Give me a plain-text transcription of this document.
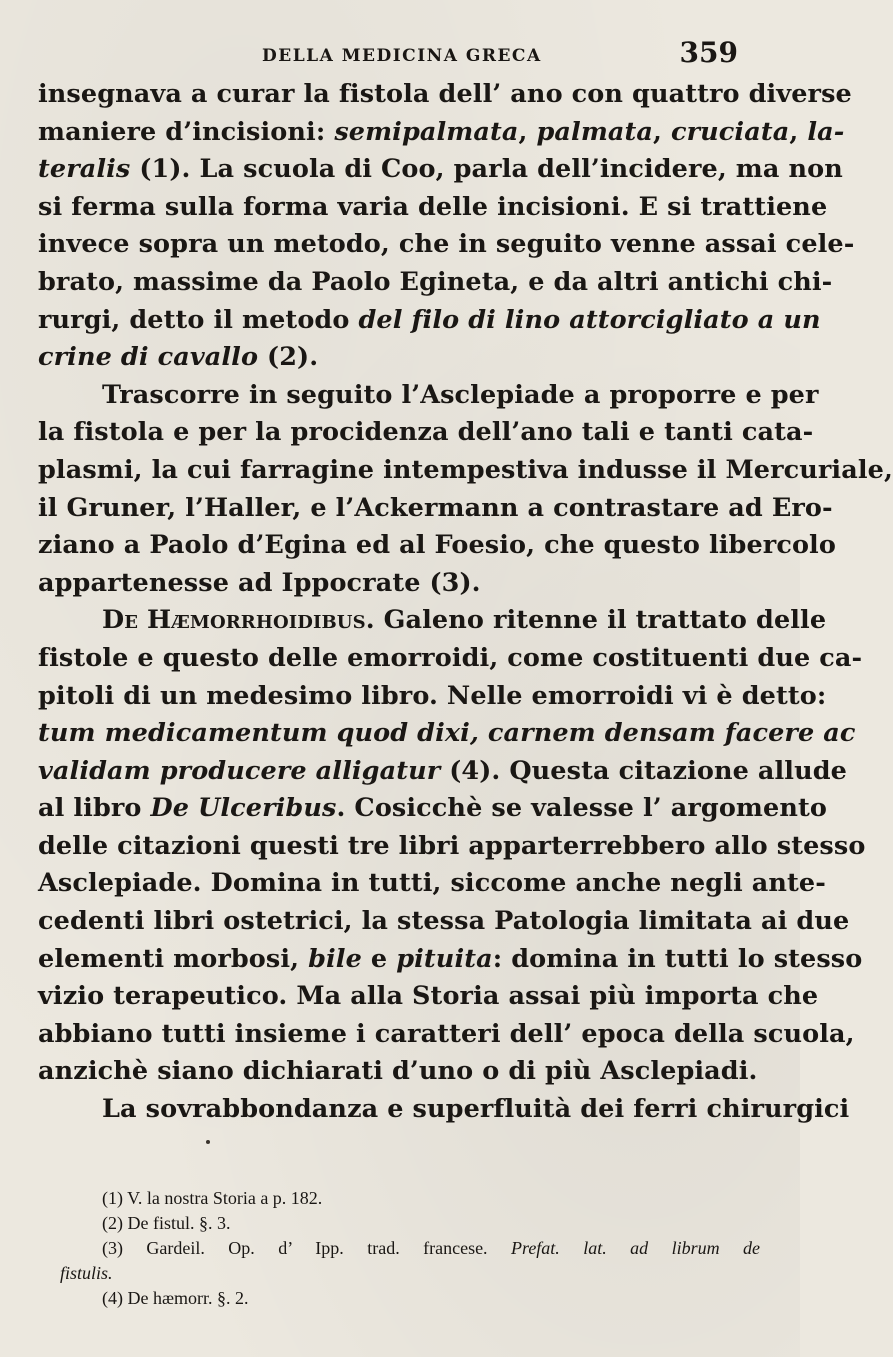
DELLA MEDICINA GRECA	359
insegnava a curar la fistola dell’ ano con quattro diverse
maniere d’incisioni: semipalmata, palmata, cruciata, la-
teralis (1). La scuola di Coo, parla dell’incidere, ma non
si ferma sulla forma varia delle incisioni. E si trattiene
invece sopra un metodo, che in seguito venne assai cele-
brato, massime da Paolo Egineta, e da altri antichi chi-
rurgi, detto il metodo del filo di lino attorcigliato a un
crine di cavallo (2).
Trascorre in seguito l’Asclepiade a proporre e per
la fistola e per la procidenza dell’ano tali e tanti cata-
plasmi, la cui farragine intempestiva indusse il Mercuriale,
il Gruner, l’Haller, e l’Ackermann a contrastare ad Ero-
ziano a Paolo d’Egina ed al Foesio, che questo libercolo
appartenesse ad Ippocrate (3).
De Hæmorrhoidibus. Galeno ritenne il trattato delle
fistole e questo delle emorroidi, come costituenti due ca-
pitoli di un medesimo libro. Nelle emorroidi vi è detto:
tum medicamentum quod dixi, carnem densam facere ac
validam producere alligatur (4). Questa citazione allude
al libro De Ulceribus. Cosicchè se valesse l’ argomento
delle citazioni questi tre libri apparterrebbero allo stesso
Asclepiade. Domina in tutti, siccome anche negli ante-
cedenti libri ostetrici, la stessa Patologia limitata ai due
elementi morbosi, bile e pituita: domina in tutti lo stesso
vizio terapeutico. Ma alla Storia assai più importa che
abbiano tutti insieme i caratteri dell’ epoca della scuola,
anzichè siano dichiarati d’uno o di più Asclepiadi.
La sovrabbondanza e superfluità dei ferri chirurgici
(1) V. la nostra Storia a p. 182.
(2) De fistul. §. 3.
(3) Gardeil. Op. d’ Ipp. trad. francese. Prefat. lat. ad librum de
fistulis.
(4) De hæmorr. §. 2.
